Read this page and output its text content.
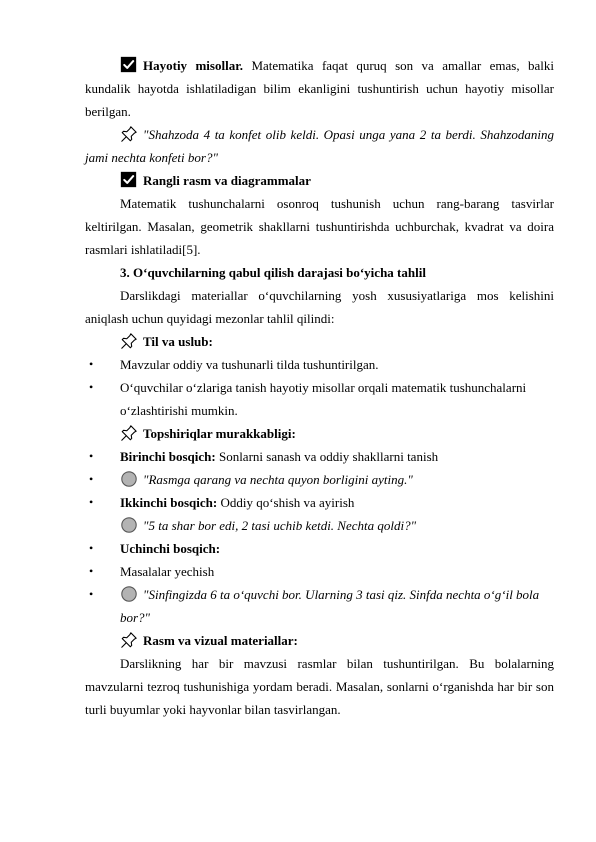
Hayotiy misollar. Matematika faqat quruq son va amallar emas, balki kundalik hayotda ishlatiladigan bilim ekanligini tushuntirish uchun hayotiy misollar berilgan.

"Shahzoda 4 ta konfet olib keldi. Opasi unga yana 2 ta berdi. Shahzodaning jami nechta konfeti bor?"

Rangli rasm va diagrammalar

Matematik tushunchalarni osonroq tushunish uchun rang-barang tasvirlar keltirilgan. Masalan, geometrik shakllarni tushuntirishda uchburchak, kvadrat va doira rasmlari ishlatiladi[5].

3. O‘quvchilarning qabul qilish darajasi bo‘yicha tahlil

Darslikdagi materiallar o‘quvchilarning yosh xususiyatlariga mos kelishini aniqlash uchun quyidagi mezonlar tahlil qilindi:

Til va uslub:

• Mavzular oddiy va tushunarli tilda tushuntirilgan.
• O‘quvchilar o‘zlariga tanish hayotiy misollar orqali matematik tushunchalarni o‘zlashtirishi mumkin.

Topshiriqlar murakkabligi:

• Birinchi bosqich: Sonlarni sanash va oddiy shakllarni tanish
•	"Rasmga qarang va nechta quyon borligini ayting."
• Ikkinchi bosqich: Oddiy qo‘shish va ayirish

"5 ta shar bor edi, 2 tasi uchib ketdi. Nechta qoldi?"

• Uchinchi bosqich:
• Masalalar yechish
•	"Sinfingizda 6 ta o‘quvchi bor. Ularning 3 tasi qiz. Sinfda nechta o‘g‘il bola bor?"

Rasm va vizual materiallar:

Darslikning har bir mavzusi rasmlar bilan tushuntirilgan. Bu bolalarning mavzularni tezroq tushunishiga yordam beradi. Masalan, sonlarni o‘rganishda har bir son turli buyumlar yoki hayvonlar bilan tasvirlangan.
